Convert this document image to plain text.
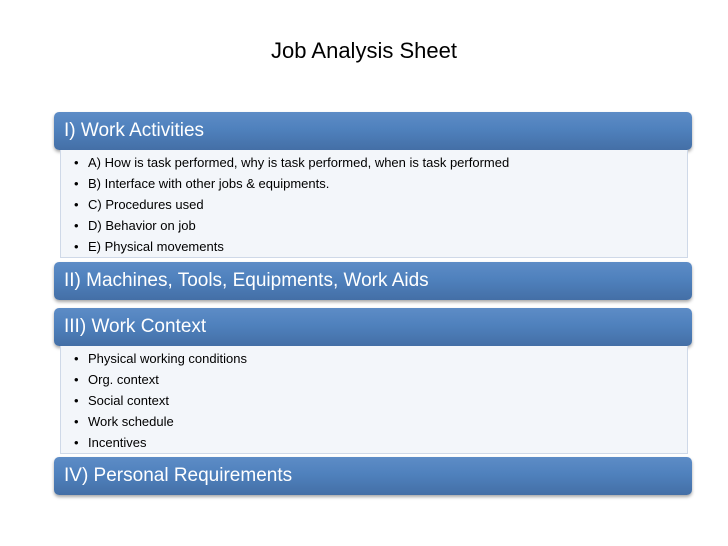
Job Analysis Sheet
I) Work Activities
• A) How is task performed, why is task performed, when is task performed
• B) Interface with other jobs & equipments.
• C) Procedures used
• D) Behavior on job
• E) Physical movements
II) Machines, Tools, Equipments, Work Aids
III) Work Context
• Physical working conditions
• Org. context
• Social context
• Work schedule
• Incentives
IV) Personal Requirements
